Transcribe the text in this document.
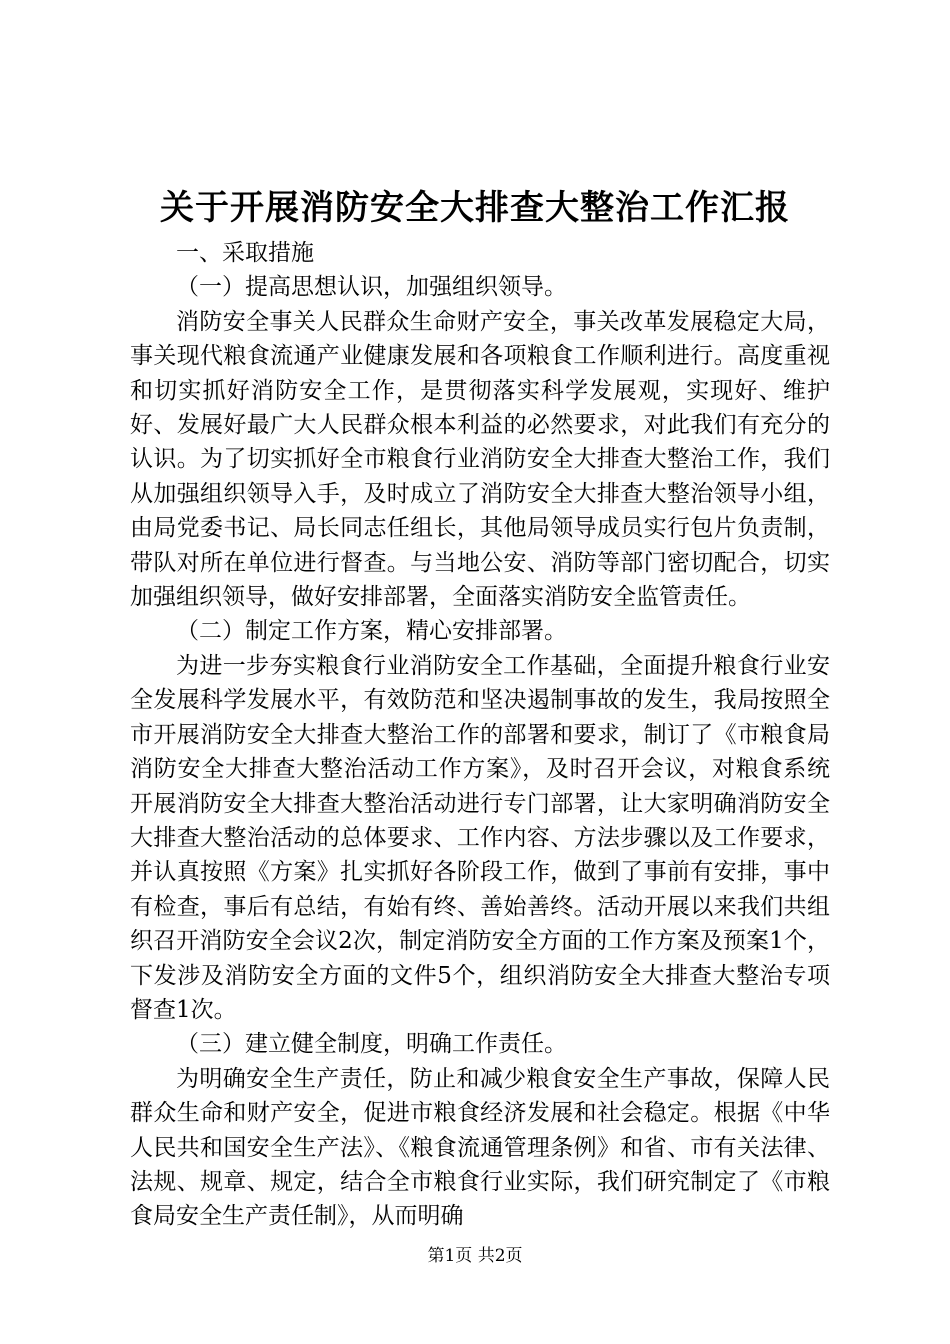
关于开展消防安全大排查大整治工作汇报

一、采取措施

（一）提高思想认识，加强组织领导。

消防安全事关人民群众生命财产安全，事关改革发展稳定大局，事关现代粮食流通产业健康发展和各项粮食工作顺利进行。高度重视和切实抓好消防安全工作，是贯彻落实科学发展观，实现好、维护好、发展好最广大人民群众根本利益的必然要求，对此我们有充分的认识。为了切实抓好全市粮食行业消防安全大排查大整治工作，我们从加强组织领导入手，及时成立了消防安全大排查大整治领导小组，由局党委书记、局长同志任组长，其他局领导成员实行包片负责制，带队对所在单位进行督查。与当地公安、消防等部门密切配合，切实加强组织领导，做好安排部署，全面落实消防安全监管责任。

（二）制定工作方案，精心安排部署。

为进一步夯实粮食行业消防安全工作基础，全面提升粮食行业安全发展科学发展水平，有效防范和坚决遏制事故的发生，我局按照全市开展消防安全大排查大整治工作的部署和要求，制订了《市粮食局消防安全大排查大整治活动工作方案》，及时召开会议，对粮食系统开展消防安全大排查大整治活动进行专门部署，让大家明确消防安全大排查大整治活动的总体要求、工作内容、方法步骤以及工作要求，并认真按照《方案》扎实抓好各阶段工作，做到了事前有安排，事中有检查，事后有总结，有始有终、善始善终。活动开展以来我们共组织召开消防安全会议2次，制定消防安全方面的工作方案及预案1个，下发涉及消防安全方面的文件5个，组织消防安全大排查大整治专项督查1次。

（三）建立健全制度，明确工作责任。

为明确安全生产责任，防止和减少粮食安全生产事故，保障人民群众生命和财产安全，促进市粮食经济发展和社会稳定。根据《中华人民共和国安全生产法》、《粮食流通管理条例》和省、市有关法律、法规、规章、规定，结合全市粮食行业实际，我们研究制定了《市粮食局安全生产责任制》，从而明确

第1页 共2页
